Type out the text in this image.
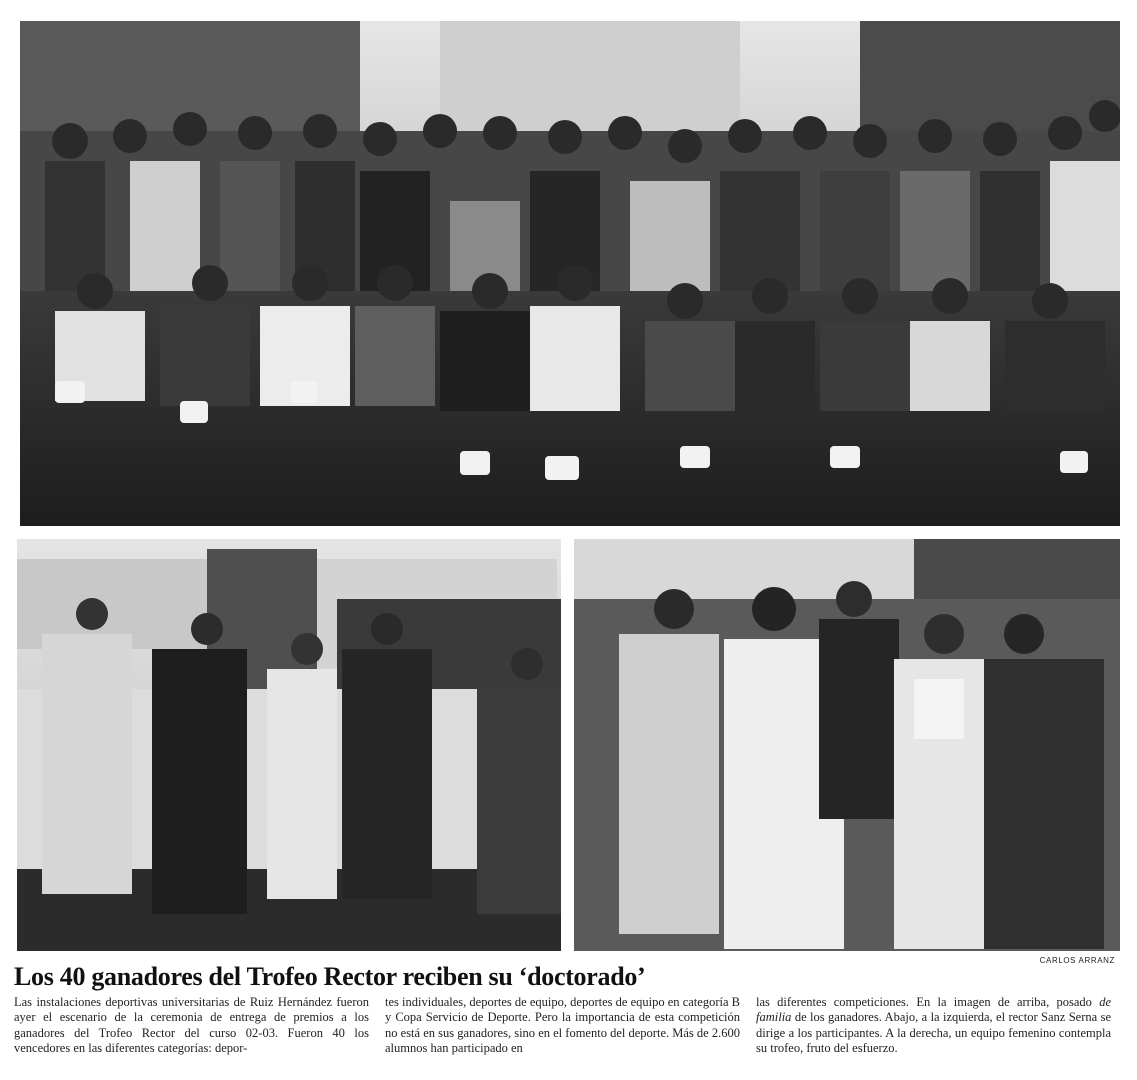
CARLOS ARRANZ
Los 40 ganadores del Trofeo Rector reciben su ‘doctorado’
Las instalaciones deportivas universitarias de Ruiz Hernández fueron ayer el escenario de la ceremonia de entrega de premios a los ganadores del Trofeo Rector del curso 02-03. Fueron 40 los vencedores en las diferentes categorías: depor-
tes individuales, deportes de equipo, deportes de equipo en categoría B y Copa Servicio de Deporte. Pero la importancia de esta competición no está en sus ganadores, sino en el fomento del deporte. Más de 2.600 alumnos han participado en
las diferentes competiciones. En la imagen de arriba, posado de familia de los ganadores. Abajo, a la izquierda, el rector Sanz Serna se dirige a los participantes. A la derecha, un equipo femenino contempla su trofeo, fruto del esfuerzo.
